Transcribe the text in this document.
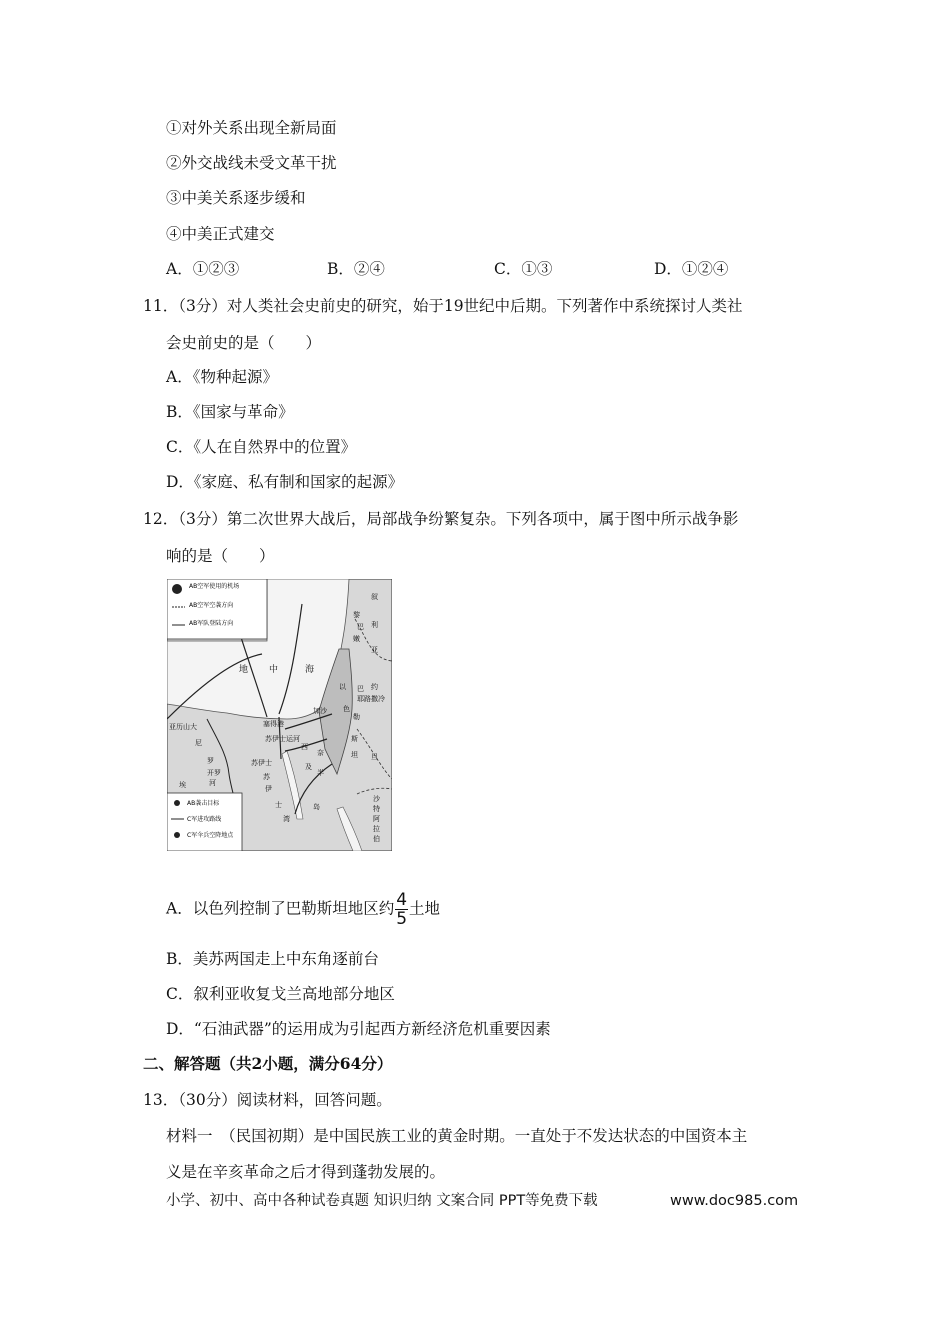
①对外关系出现全新局面
②外交战线未受文革干扰
③中美关系逐步缓和
④中美正式建交
A．①②③	B．②④	C．①③	D．①②④
11．（3分）对人类社会史前史的研究，始于19世纪中后期。下列著作中系统探讨人类社
会史前史的是（　　）
A．《物种起源》
B．《国家与革命》
C．《人在自然界中的位置》
D．《家庭、私有制和国家的起源》
12．（3分）第二次世界大战后，局部战争纷繁复杂。下列各项中，属于图中所示战争影
响的是（　　）
AB空军使用的机场
AB空军空袭方向
AB军队登陆方向
AB袭击目标
C军进攻路线
C军伞兵空降地点
地 中	海
叙
利
亚
黎
巴
嫩
约
旦
以
色
巴
勒
斯
坦
耶路撒冷
加沙
塞得港
苏伊士运河
亚历山大
尼
罗
河
开罗
埃
及
苏伊士
苏
伊
士
湾
西
奈
半
岛
沙
特
阿
拉
伯
A．以色列控制了巴勒斯坦地区约 $\frac{4}{5}$ 土地
B．美苏两国走上中东角逐前台
C．叙利亚收复戈兰高地部分地区
D．“石油武器”的运用成为引起西方新经济危机重要因素
二、解答题（共2小题，满分64分）
13．（30分）阅读材料，回答问题。
材料一　（民国初期）是中国民族工业的黄金时期。一直处于不发达状态的中国资本主
义是在辛亥革命之后才得到蓬勃发展的。
小学、初中、高中各种试卷真题 知识归纳 文案合同 PPT等免费下载	www.doc985.com
